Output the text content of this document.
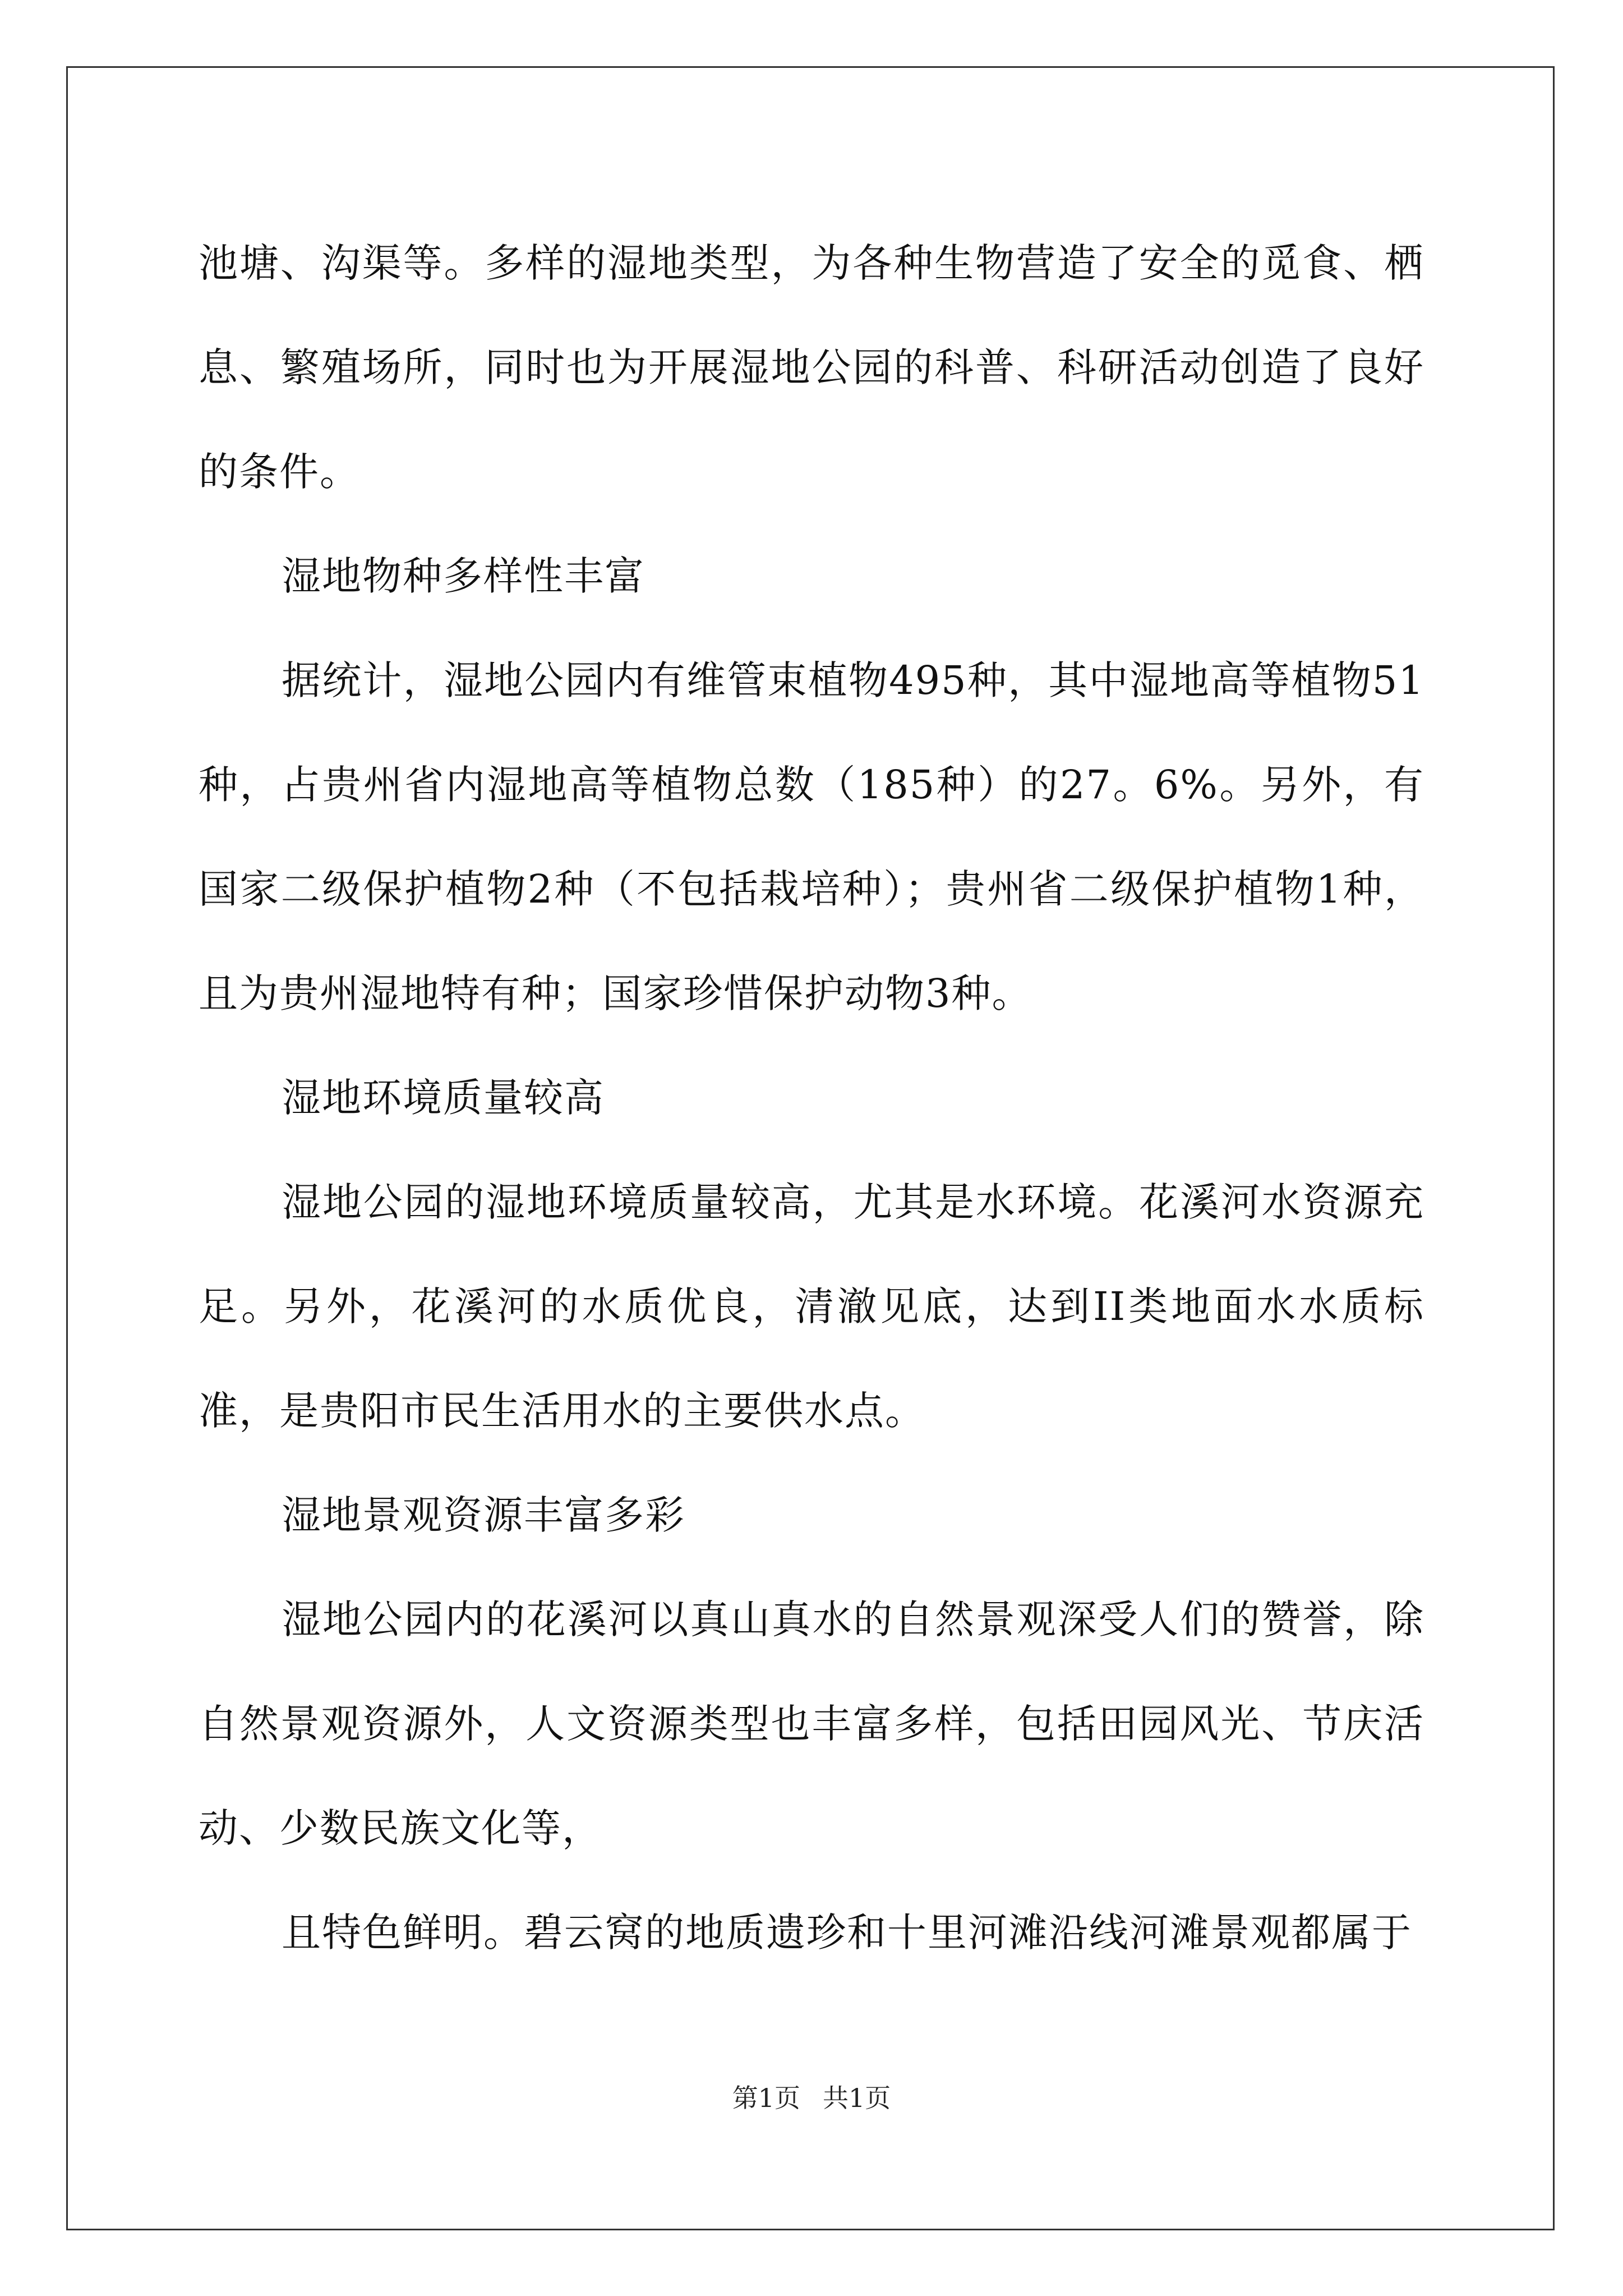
池塘、沟渠等。多样的湿地类型，为各种生物营造了安全的觅食、栖息、繁殖场所，同时也为开展湿地公园的科普、科研活动创造了良好的条件。

湿地物种多样性丰富

据统计，湿地公园内有维管束植物495种，其中湿地高等植物51种，占贵州省内湿地高等植物总数（185种）的27。6%。另外，有国家二级保护植物2种（不包括栽培种）；贵州省二级保护植物1种，且为贵州湿地特有种；国家珍惜保护动物3种。

湿地环境质量较高

湿地公园的湿地环境质量较高，尤其是水环境。花溪河水资源充足。另外，花溪河的水质优良，清澈见底，达到II类地面水水质标准，是贵阳市民生活用水的主要供水点。

湿地景观资源丰富多彩

湿地公园内的花溪河以真山真水的自然景观深受人们的赞誉，除自然景观资源外，人文资源类型也丰富多样，包括田园风光、节庆活动、少数民族文化等，

且特色鲜明。碧云窝的地质遗珍和十里河滩沿线河滩景观都属于

第1页 共1页
